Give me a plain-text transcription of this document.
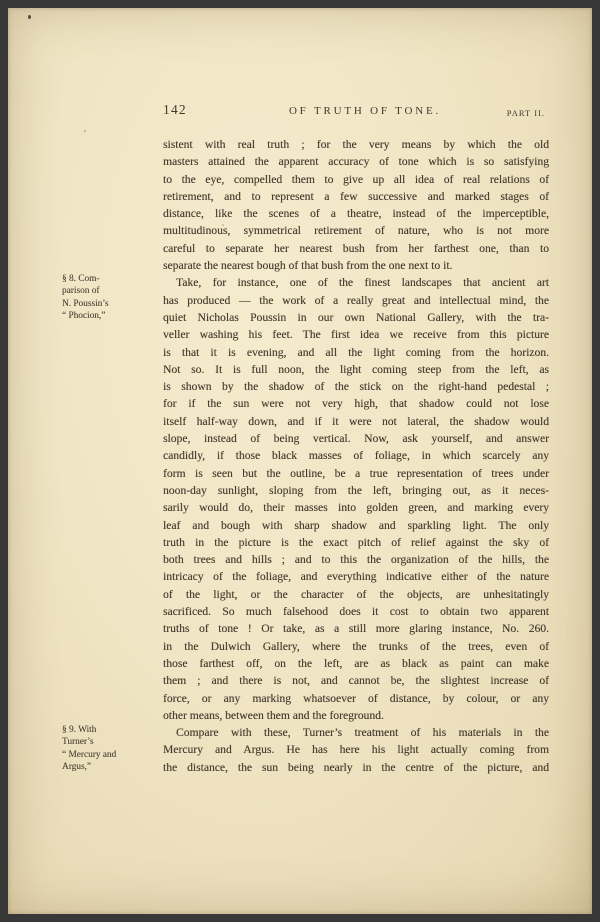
142	OF TRUTH OF TONE.	PART II.
§ 8. Com-
parison of
N. Poussin’s
“ Phocion,”
§ 9. With
Turner’s
“ Mercury and
Argus,”
sistent with real truth ; for the very means by which the old
masters attained the apparent accuracy of tone which is so satisfying
to the eye, compelled them to give up all idea of real relations of
retirement, and to represent a few successive and marked stages of
distance, like the scenes of a theatre, instead of the imperceptible,
multitudinous, symmetrical retirement of nature, who is not more
careful to separate her nearest bush from her farthest one, than to
separate the nearest bough of that bush from the one next to it.
Take, for instance, one of the finest landscapes that ancient art
has produced — the work of a really great and intellectual mind, the
quiet Nicholas Poussin in our own National Gallery, with the tra-
veller washing his feet. The first idea we receive from this picture
is that it is evening, and all the light coming from the horizon.
Not so. It is full noon, the light coming steep from the left, as
is shown by the shadow of the stick on the right-hand pedestal ;
for if the sun were not very high, that shadow could not lose
itself half-way down, and if it were not lateral, the shadow would
slope, instead of being vertical. Now, ask yourself, and answer
candidly, if those black masses of foliage, in which scarcely any
form is seen but the outline, be a true representation of trees under
noon-day sunlight, sloping from the left, bringing out, as it neces-
sarily would do, their masses into golden green, and marking every
leaf and bough with sharp shadow and sparkling light. The only
truth in the picture is the exact pitch of relief against the sky of
both trees and hills ; and to this the organization of the hills, the
intricacy of the foliage, and everything indicative either of the nature
of the light, or the character of the objects, are unhesitatingly
sacrificed. So much falsehood does it cost to obtain two apparent
truths of tone ! Or take, as a still more glaring instance, No. 260.
in the Dulwich Gallery, where the trunks of the trees, even of
those farthest off, on the left, are as black as paint can make
them ; and there is not, and cannot be, the slightest increase of
force, or any marking whatsoever of distance, by colour, or any
other means, between them and the foreground.
Compare with these, Turner’s treatment of his materials in the
Mercury and Argus. He has here his light actually coming from
the distance, the sun being nearly in the centre of the picture, and
